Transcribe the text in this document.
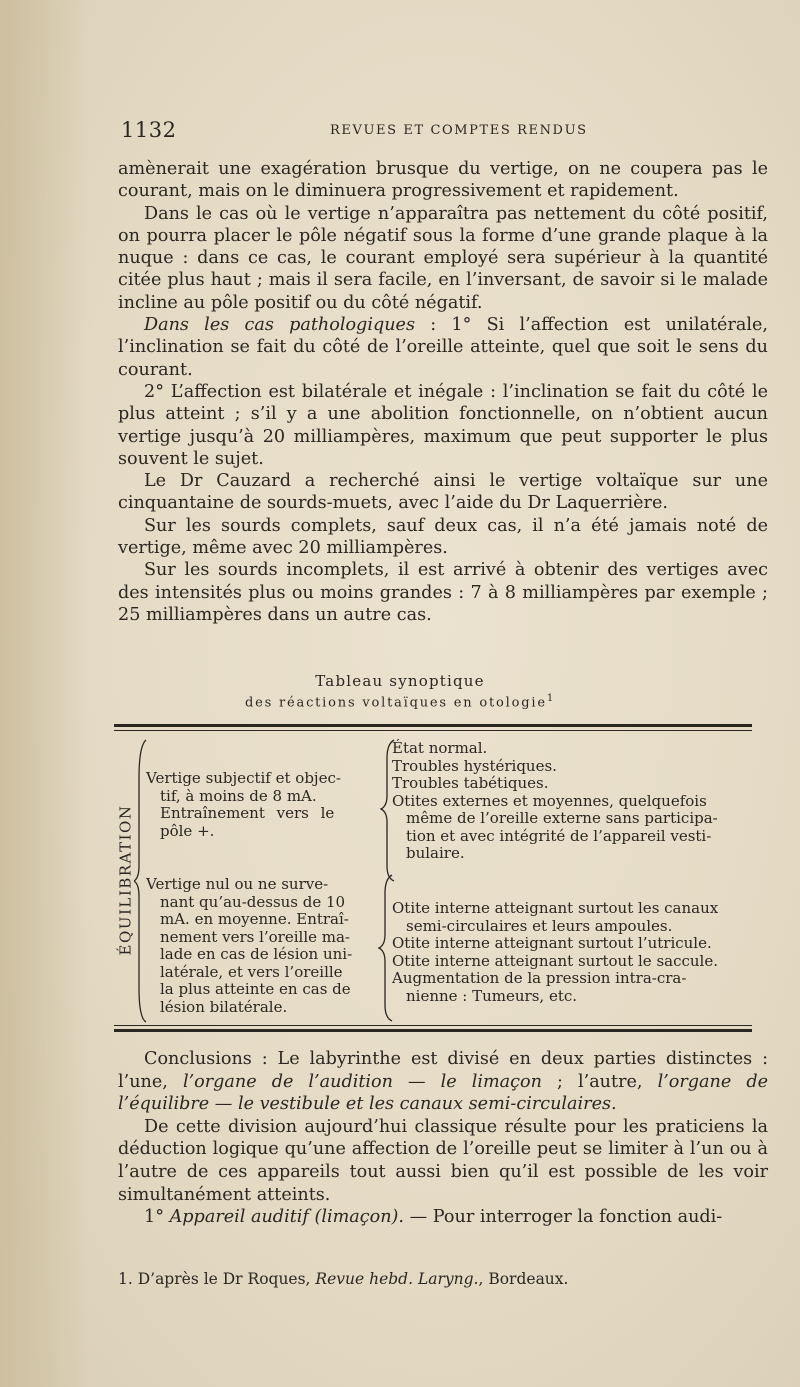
1132	REVUES ET COMPTES RENDUS

amènerait une exagération brusque du vertige, on ne coupera pas le courant, mais on le diminuera progressivement et rapidement.

Dans le cas où le vertige n’apparaîtra pas nettement du côté positif, on pourra placer le pôle négatif sous la forme d’une grande plaque à la nuque : dans ce cas, le courant employé sera supérieur à la quantité citée plus haut ; mais il sera facile, en l’inversant, de savoir si le malade incline au pôle positif ou du côté négatif.

Dans les cas pathologiques : 1° Si l’affection est unilatérale, l’inclination se fait du côté de l’oreille atteinte, quel que soit le sens du courant.

2° L’affection est bilatérale et inégale : l’inclination se fait du côté le plus atteint ; s’il y a une abolition fonctionnelle, on n’obtient aucun vertige jusqu’à 20 milliampères, maximum que peut supporter le plus souvent le sujet.

Le Dr Cauzard a recherché ainsi le vertige voltaïque sur une cinquantaine de sourds-muets, avec l’aide du Dr Laquerrière.

Sur les sourds complets, sauf deux cas, il n’a été jamais noté de vertige, même avec 20 milliampères.

Sur les sourds incomplets, il est arrivé à obtenir des vertiges avec des intensités plus ou moins grandes : 7 à 8 milliampères par exemple ; 25 milliampères dans un autre cas.

Tableau synoptique
des réactions voltaïques en otologie$^1$
ÉQUILIBRATION

Vertige subjectif et objec-

tif, à moins de 8 mA.

Entraînement vers le

pôle +.

État normal.

Troubles hystériques.

Troubles tabétiques.

Otites externes et moyennes, quelquefois

même de l’oreille externe sans participa-

tion et avec intégrité de l’appareil vesti-

bulaire.

Vertige nul ou ne surve-

nant qu’au-dessus de 10

mA. en moyenne. Entraî-

nement vers l’oreille ma-

lade en cas de lésion uni-

latérale, et vers l’oreille

la plus atteinte en cas de

lésion bilatérale.

Otite interne atteignant surtout les canaux

semi-circulaires et leurs ampoules.

Otite interne atteignant surtout l’utricule.

Otite interne atteignant surtout le saccule.

Augmentation de la pression intra-cra-

nienne : Tumeurs, etc.

Conclusions : Le labyrinthe est divisé en deux parties distinctes : l’une, l’organe de l’audition — le limaçon ; l’autre, l’organe de l’équilibre — le vestibule et les canaux semi-circulaires.

De cette division aujourd’hui classique résulte pour les praticiens la déduction logique qu’une affection de l’oreille peut se limiter à l’un ou à l’autre de ces appareils tout aussi bien qu’il est possible de les voir simultanément atteints.

1° Appareil auditif (limaçon). — Pour interroger la fonction audi-

1. D’après le Dr Roques, Revue hebd. Laryng., Bordeaux.
